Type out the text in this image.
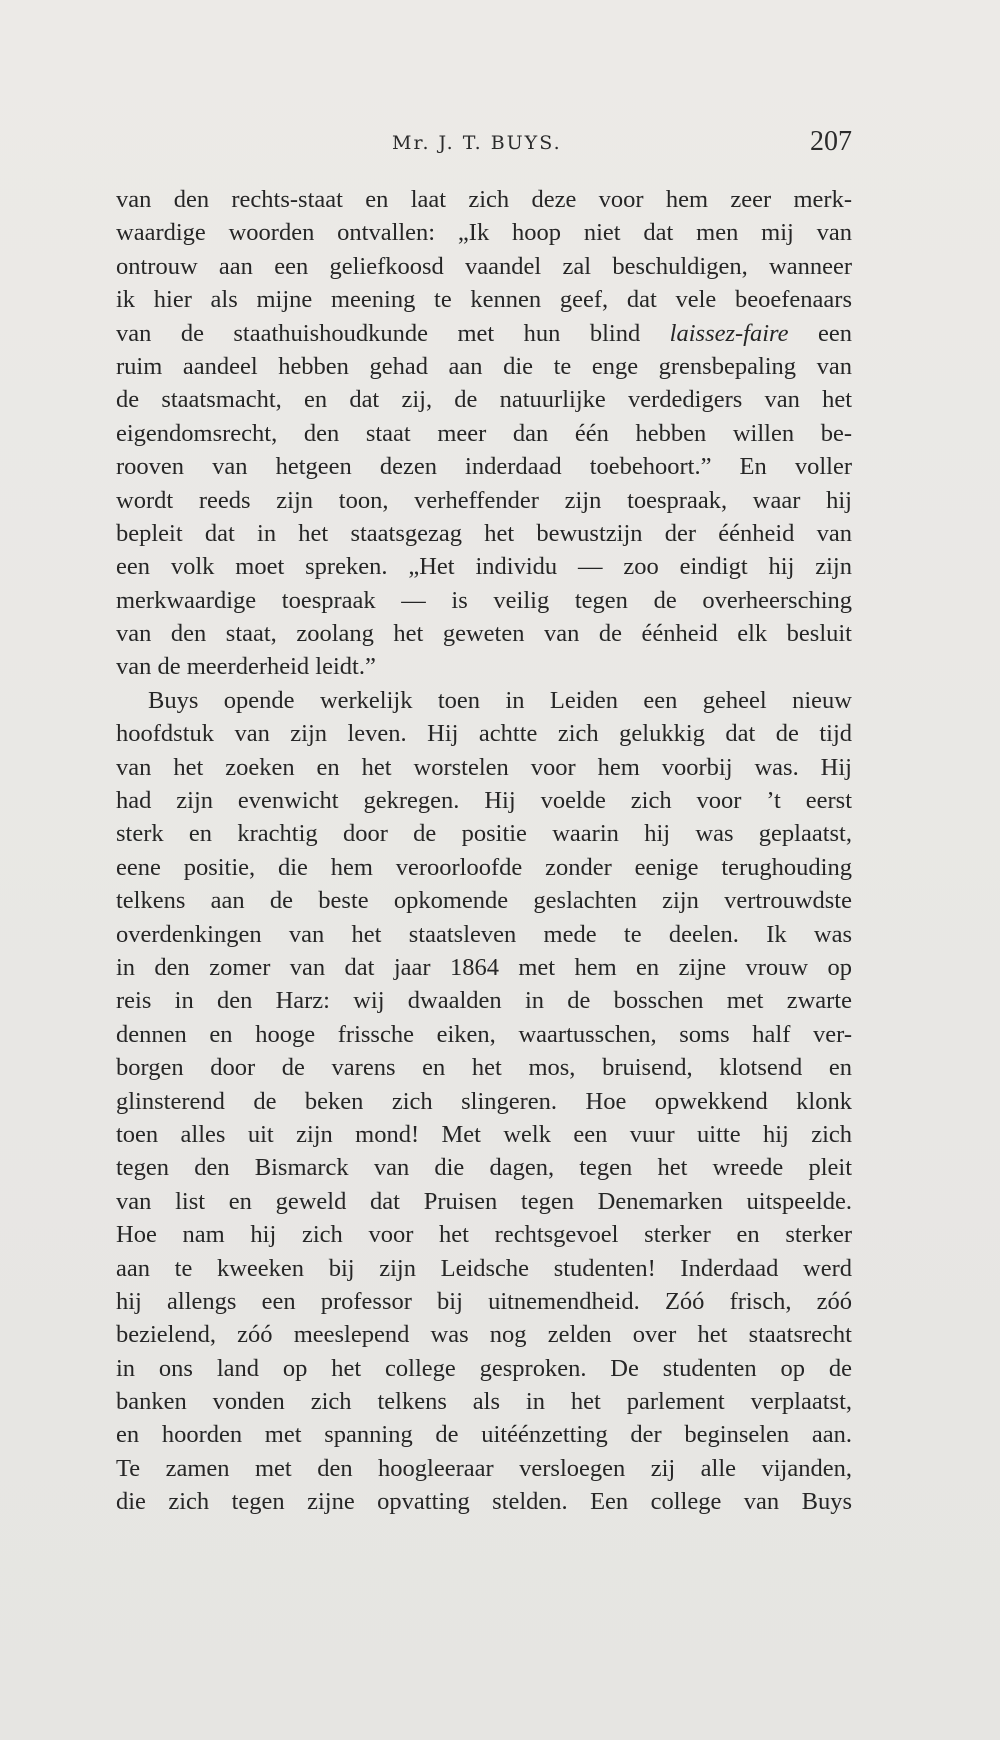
Mr. J. T. BUYS.	207
van den rechts-staat en laat zich deze voor hem zeer merk-
waardige woorden ontvallen: „Ik hoop niet dat men mij van
ontrouw aan een geliefkoosd vaandel zal beschuldigen, wanneer
ik hier als mijne meening te kennen geef, dat vele beoefenaars
van de staathuishoudkunde met hun blind laissez-faire een
ruim aandeel hebben gehad aan die te enge grensbepaling van
de staatsmacht, en dat zij, de natuurlijke verdedigers van het
eigendomsrecht, den staat meer dan één hebben willen be-
rooven van hetgeen dezen inderdaad toebehoort.” En voller
wordt reeds zijn toon, verheffender zijn toespraak, waar hij
bepleit dat in het staatsgezag het bewustzijn der éénheid van
een volk moet spreken. „Het individu — zoo eindigt hij zijn
merkwaardige toespraak — is veilig tegen de overheersching
van den staat, zoolang het geweten van de éénheid elk besluit
van de meerderheid leidt.”
Buys opende werkelijk toen in Leiden een geheel nieuw
hoofdstuk van zijn leven. Hij achtte zich gelukkig dat de tijd
van het zoeken en het worstelen voor hem voorbij was. Hij
had zijn evenwicht gekregen. Hij voelde zich voor ’t eerst
sterk en krachtig door de positie waarin hij was geplaatst,
eene positie, die hem veroorloofde zonder eenige terughouding
telkens aan de beste opkomende geslachten zijn vertrouwdste
overdenkingen van het staatsleven mede te deelen. Ik was
in den zomer van dat jaar 1864 met hem en zijne vrouw op
reis in den Harz: wij dwaalden in de bosschen met zwarte
dennen en hooge frissche eiken, waartusschen, soms half ver-
borgen door de varens en het mos, bruisend, klotsend en
glinsterend de beken zich slingeren. Hoe opwekkend klonk
toen alles uit zijn mond! Met welk een vuur uitte hij zich
tegen den Bismarck van die dagen, tegen het wreede pleit
van list en geweld dat Pruisen tegen Denemarken uitspeelde.
Hoe nam hij zich voor het rechtsgevoel sterker en sterker
aan te kweeken bij zijn Leidsche studenten! Inderdaad werd
hij allengs een professor bij uitnemendheid. Zóó frisch, zóó
bezielend, zóó meeslepend was nog zelden over het staatsrecht
in ons land op het college gesproken. De studenten op de
banken vonden zich telkens als in het parlement verplaatst,
en hoorden met spanning de uitéénzetting der beginselen aan.
Te zamen met den hoogleeraar versloegen zij alle vijanden,
die zich tegen zijne opvatting stelden. Een college van Buys
